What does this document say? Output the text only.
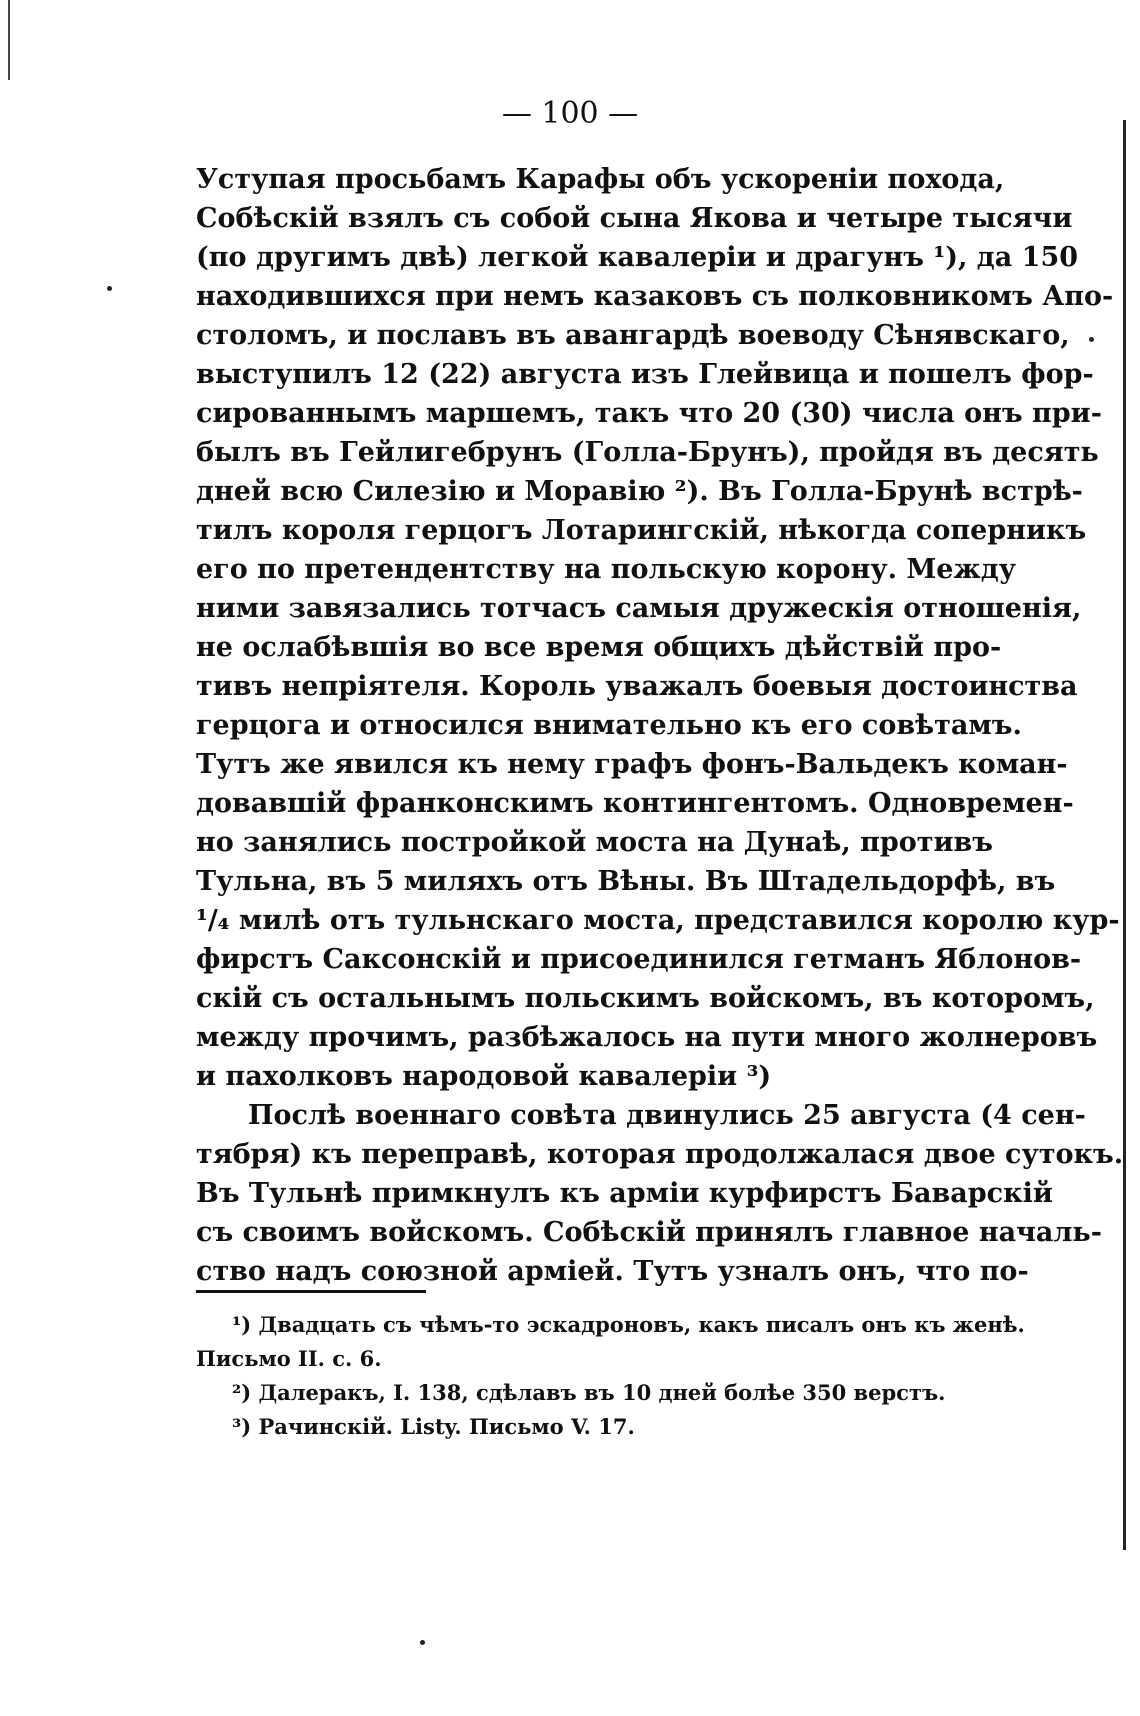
— 100 —
Уступая просьбамъ Карафы объ ускореніи похода,
Собѣскій взялъ съ собой сына Якова и четыре тысячи
(по другимъ двѣ) легкой кавалеріи и драгунъ ¹), да 150
находившихся при немъ казаковъ съ полковникомъ Апо-
столомъ, и пославъ въ авангардѣ воеводу Сѣнявскаго,
выступилъ 12 (22) августа изъ Глейвица и пошелъ фор-
сированнымъ маршемъ, такъ что 20 (30) числа онъ при-
былъ въ Гейлигебрунъ (Голла-Брунъ), пройдя въ десять
дней всю Силезію и Моравію ²). Въ Голла-Брунѣ встрѣ-
тилъ короля герцогъ Лотарингскій, нѣкогда соперникъ
его по претендентству на польскую корону. Между
ними завязались тотчасъ самыя дружескія отношенія,
не ослабѣвшія во все время общихъ дѣйствій про-
тивъ непріятеля. Король уважалъ боевыя достоинства
герцога и относился внимательно къ его совѣтамъ.
Тутъ же явился къ нему графъ фонъ-Вальдекъ коман-
довавшій франконскимъ контингентомъ. Одновремен-
но занялись постройкой моста на Дунаѣ, противъ
Тульна, въ 5 миляхъ отъ Вѣны. Въ Штадельдорфѣ, въ
¹/₄ милѣ отъ тульнскаго моста, представился королю кур-
фирстъ Саксонскій и присоединился гетманъ Яблонов-
скій съ остальнымъ польскимъ войскомъ, въ которомъ,
между прочимъ, разбѣжалось на пути много жолнеровъ
и пахолковъ народовой кавалеріи ³)
Послѣ военнаго совѣта двинулись 25 августа (4 сен-
тября) къ переправѣ, которая продолжалася двое сутокъ.
Въ Тульнѣ примкнулъ къ арміи курфирстъ Баварскій
съ своимъ войскомъ. Собѣскій принялъ главное началь-
ство надъ союзной арміей. Тутъ узналъ онъ, что по-
¹) Двадцать съ чѣмъ-то эскадроновъ, какъ писалъ онъ къ женѣ.
Письмо II. с. 6.
²) Далеракъ, I. 138, сдѣлавъ въ 10 дней болѣе 350 верстъ.
³) Рачинскій. Listy. Письмо V. 17.
